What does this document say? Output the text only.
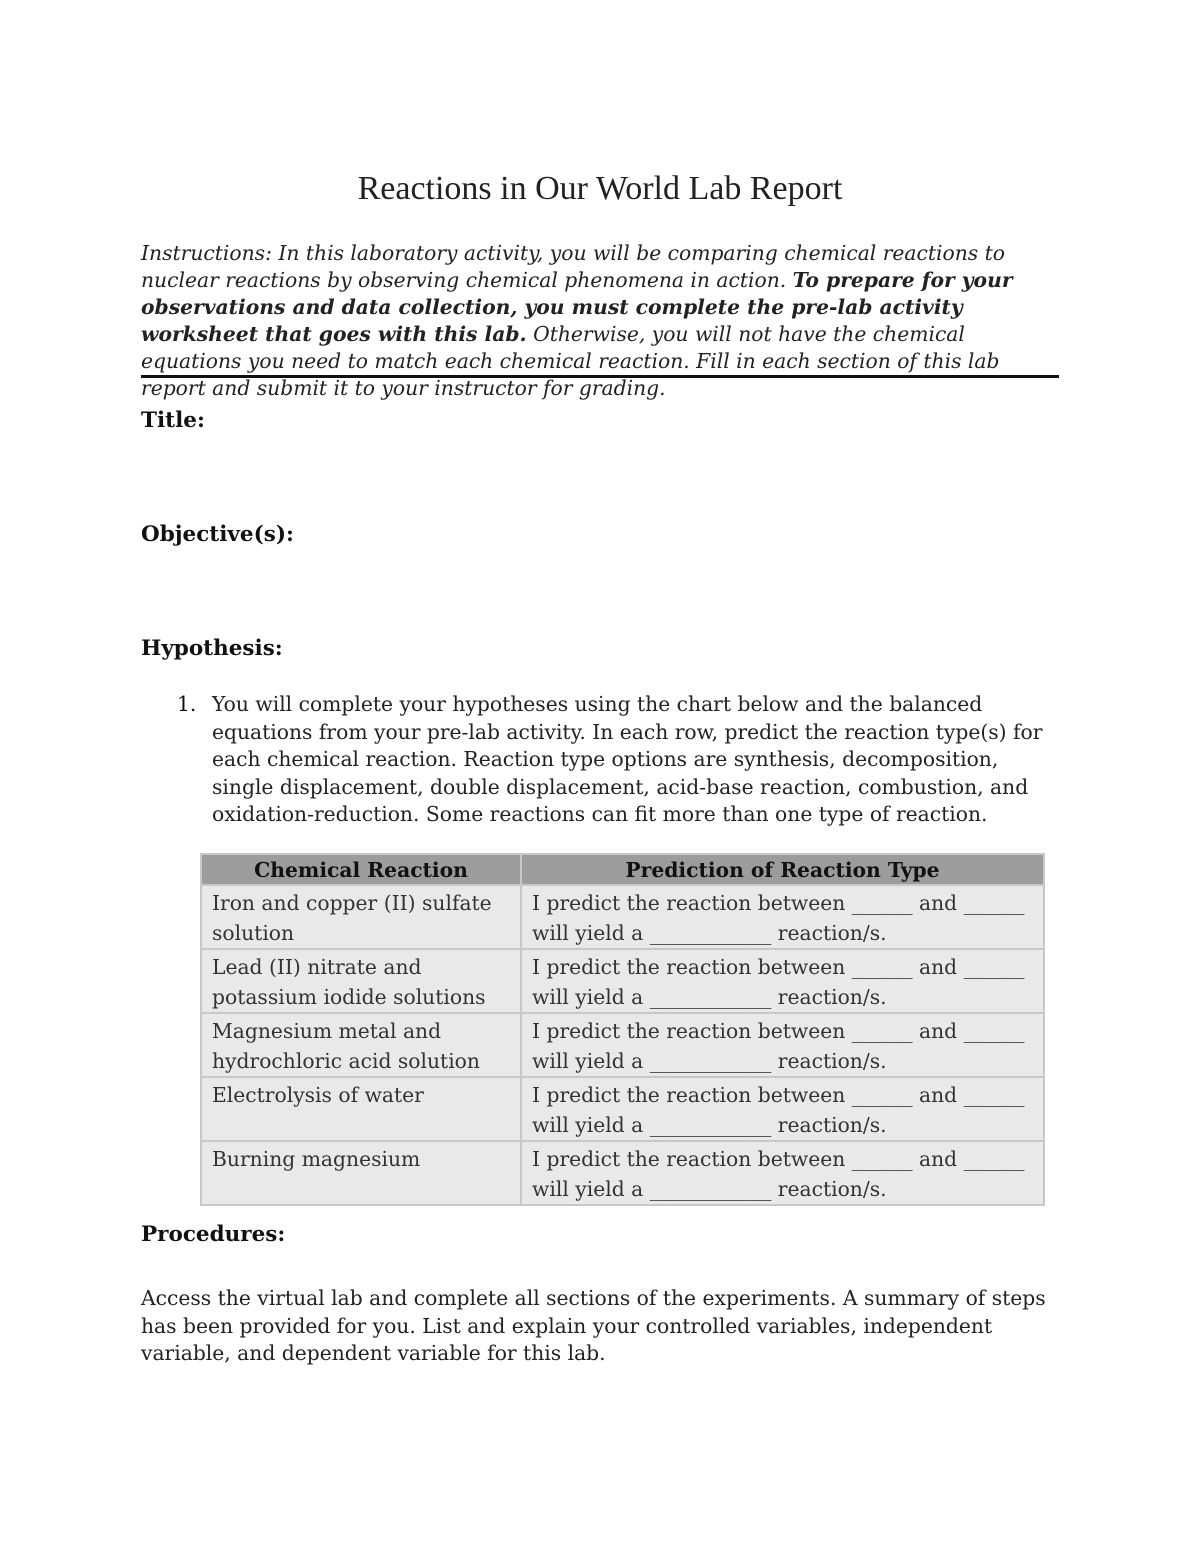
Reactions in Our World Lab Report
Instructions: In this laboratory activity, you will be comparing chemical reactions to nuclear reactions by observing chemical phenomena in action. To prepare for your observations and data collection, you must complete the pre-lab activity worksheet that goes with this lab. Otherwise, you will not have the chemical equations you need to match each chemical reaction. Fill in each section of this lab report and submit it to your instructor for grading.
Title:
Objective(s):
Hypothesis:
1. You will complete your hypotheses using the chart below and the balanced equations from your pre-lab activity. In each row, predict the reaction type(s) for each chemical reaction. Reaction type options are synthesis, decomposition, single displacement, double displacement, acid-base reaction, combustion, and oxidation-reduction. Some reactions can fit more than one type of reaction.
Chemical Reaction	Prediction of Reaction Type
Iron and copper (II) sulfate solution	I predict the reaction between ______ and ______ will yield a ____________ reaction/s.
Lead (II) nitrate and potassium iodide solutions	I predict the reaction between ______ and ______ will yield a ____________ reaction/s.
Magnesium metal and hydrochloric acid solution	I predict the reaction between ______ and ______ will yield a ____________ reaction/s.
Electrolysis of water	I predict the reaction between ______ and ______ will yield a ____________ reaction/s.
Burning magnesium	I predict the reaction between ______ and ______ will yield a ____________ reaction/s.
Procedures:
Access the virtual lab and complete all sections of the experiments. A summary of steps has been provided for you. List and explain your controlled variables, independent variable, and dependent variable for this lab.
